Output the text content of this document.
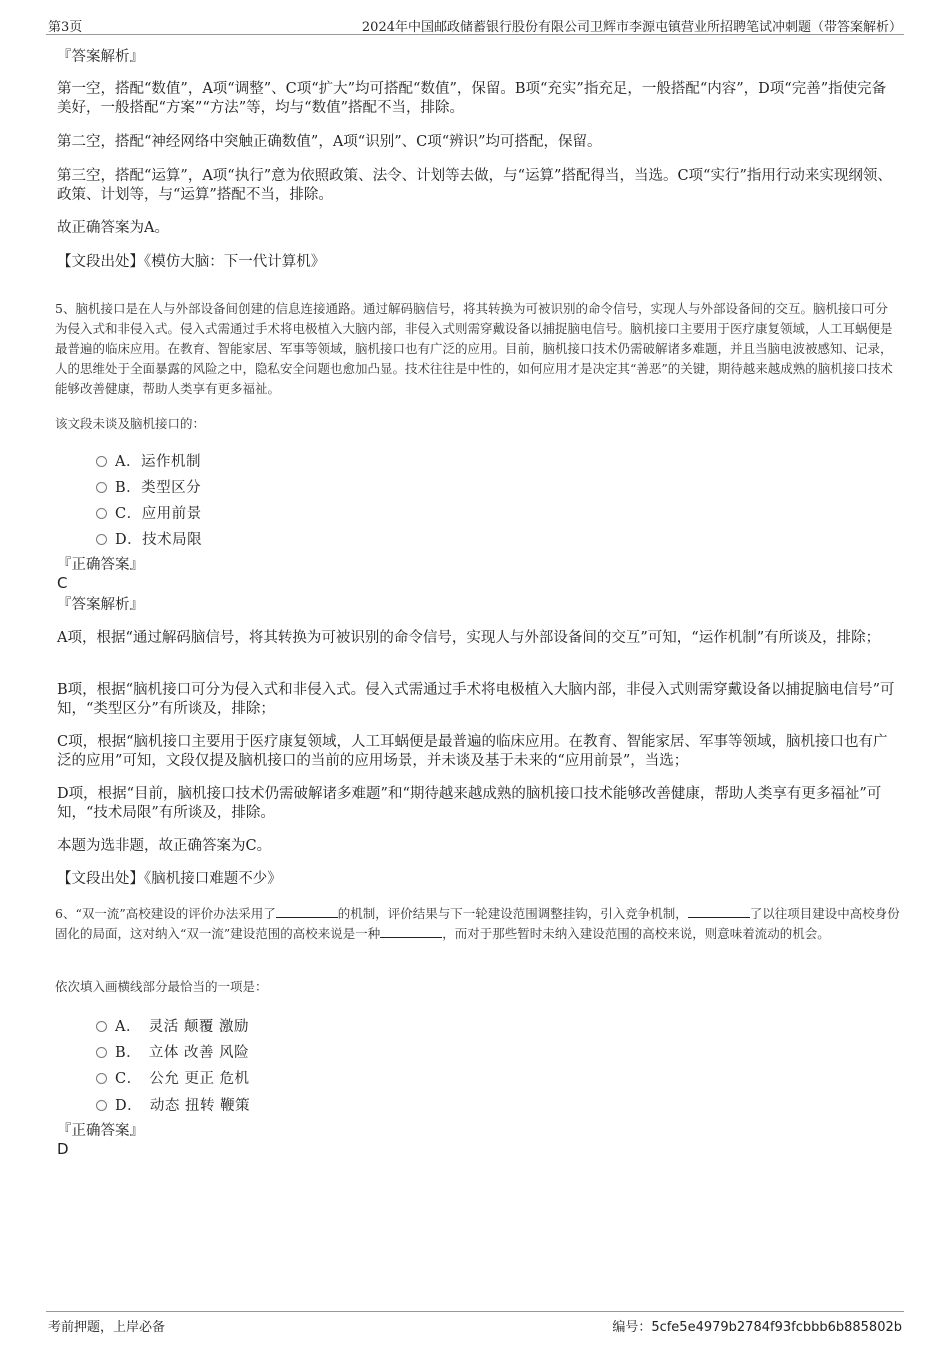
第3页	2024年中国邮政储蓄银行股份有限公司卫辉市李源屯镇营业所招聘笔试冲刺题（带答案解析）
『答案解析』

第一空，搭配“数值”，A项“调整”、C项“扩大”均可搭配“数值”，保留。B项“充实”指充足，一般搭配“内容”，D项“完善”指使完备美好，一般搭配“方案”“方法”等，均与“数值”搭配不当，排除。

第二空，搭配“神经网络中突触正确数值”，A项“识别”、C项“辨识”均可搭配，保留。

第三空，搭配“运算”，A项“执行”意为依照政策、法令、计划等去做，与“运算”搭配得当，当选。C项“实行”指用行动来实现纲领、政策、计划等，与“运算”搭配不当，排除。

故正确答案为A。

【文段出处】《模仿大脑：下一代计算机》

5、脑机接口是在人与外部设备间创建的信息连接通路。通过解码脑信号，将其转换为可被识别的命令信号，实现人与外部设备间的交互。脑机接口可分为侵入式和非侵入式。侵入式需通过手术将电极植入大脑内部，非侵入式则需穿戴设备以捕捉脑电信号。脑机接口主要用于医疗康复领域，人工耳蜗便是最普遍的临床应用。在教育、智能家居、军事等领域，脑机接口也有广泛的应用。目前，脑机接口技术仍需破解诸多难题，并且当脑电波被感知、记录，人的思维处于全面暴露的风险之中，隐私安全问题也愈加凸显。技术往往是中性的，如何应用才是决定其“善恶”的关键，期待越来越成熟的脑机接口技术能够改善健康，帮助人类享有更多福祉。

该文段未谈及脑机接口的：

A．运作机制
B．类型区分
C．应用前景
D．技术局限
『正确答案』
C
『答案解析』

A项，根据“通过解码脑信号，将其转换为可被识别的命令信号，实现人与外部设备间的交互”可知，“运作机制”有所谈及，排除；

B项，根据“脑机接口可分为侵入式和非侵入式。侵入式需通过手术将电极植入大脑内部，非侵入式则需穿戴设备以捕捉脑电信号”可知，“类型区分”有所谈及，排除；

C项，根据“脑机接口主要用于医疗康复领域，人工耳蜗便是最普遍的临床应用。在教育、智能家居、军事等领域，脑机接口也有广泛的应用”可知，文段仅提及脑机接口的当前的应用场景，并未谈及基于未来的“应用前景”，当选；

D项，根据“目前，脑机接口技术仍需破解诸多难题”和“期待越来越成熟的脑机接口技术能够改善健康，帮助人类享有更多福祉”可知，“技术局限”有所谈及，排除。

本题为选非题，故正确答案为C。

【文段出处】《脑机接口难题不少》

6、“双一流”高校建设的评价办法采用了	的机制，评价结果与下一轮建设范围调整挂钩，引入竞争机制，	了以往项目建设中高校身份固化的局面，这对纳入“双一流”建设范围的高校来说是一种	，而对于那些暂时未纳入建设范围的高校来说，则意味着流动的机会。

依次填入画横线部分最恰当的一项是：

A．　灵活 颠覆 激励
B．　立体 改善 风险
C．　公允 更正 危机
D．　动态 扭转 鞭策
『正确答案』
D
考前押题，上岸必备	编号：5cfe5e4979b2784f93fcbbb6b885802b
